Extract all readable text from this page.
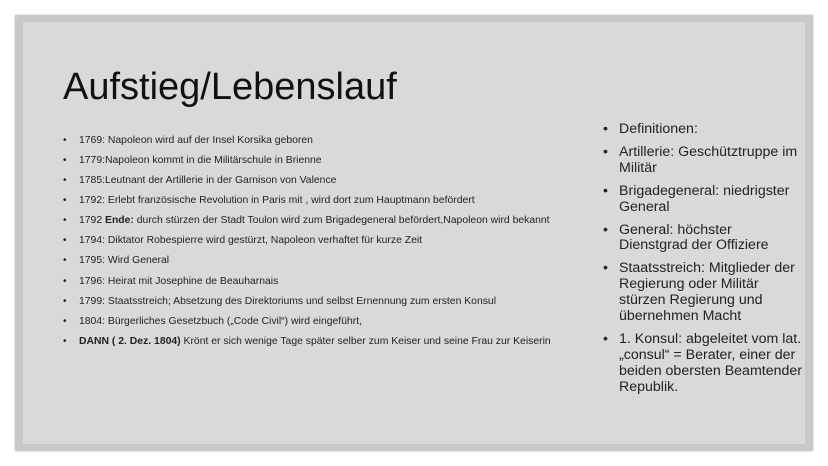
Aufstieg/Lebenslauf
• 1769: Napoleon wird auf der Insel Korsika geboren
• 1779:Napoleon kommt in die Militärschule in Brienne
• 1785:Leutnant der Artillerie in der Garnison von Valence
• 1792: Erlebt französische Revolution in Paris mit , wird dort zum Hauptmann befördert
• 1792 Ende: durch stürzen der Stadt Toulon wird zum Brigadegeneral befördert,Napoleon wird bekannt
• 1794: Diktator Robespierre wird gestürzt, Napoleon verhaftet für kurze Zeit
• 1795: Wird General
• 1796: Heirat mit Josephine de Beauharnais
• 1799: Staatsstreich; Absetzung des Direktoriums und selbst Ernennung zum ersten Konsul
• 1804: Bürgerliches Gesetzbuch („Code Civil“) wird eingeführt,
• DANN ( 2. Dez. 1804) Krönt er sich wenige Tage später selber zum Keiser und seine Frau zur Keiserin
• Definitionen:
• Artillerie: Geschütztruppe im Militär
• Brigadegeneral: niedrigster General
• General: höchster Dienstgrad der Offiziere
• Staatsstreich: Mitglieder der Regierung oder Militär stürzen Regierung und übernehmen Macht
• 1. Konsul: abgeleitet vom lat. „consul“ = Berater, einer der beiden obersten Beamtender Republik.
